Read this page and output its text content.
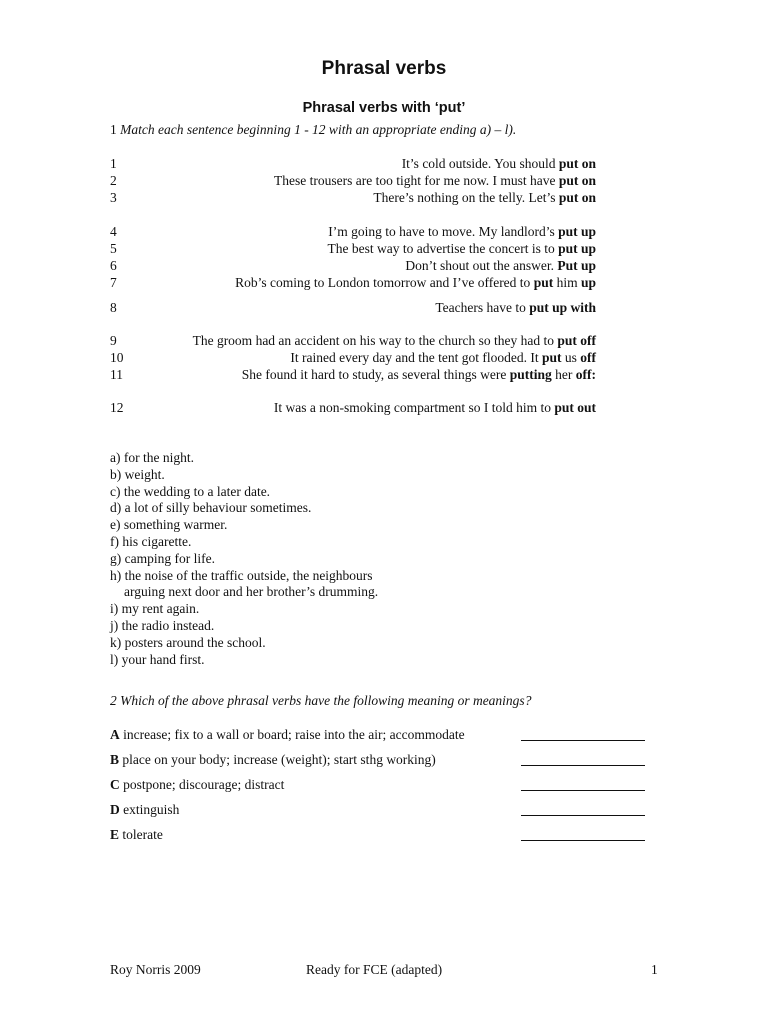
Phrasal verbs
Phrasal verbs with ‘put’
1 Match each sentence beginning 1 - 12 with an appropriate ending a) – l).
1	It’s cold outside. You should put on
2	These trousers are too tight for me now. I must have put on
3	There’s nothing on the telly. Let’s put on
4	I’m going to have to move. My landlord’s put up
5	The best way to advertise the concert is to put up
6	Don’t shout out the answer. Put up
7	Rob’s coming to London tomorrow and I’ve offered to put him up
8	Teachers have to put up with
9	The groom had an accident on his way to the church so they had to put off
10	It rained every day and the tent got flooded. It put us off
11	She found it hard to study, as several things were putting her off:
12	It was a non-smoking compartment so I told him to put out
a) for the night.
b) weight.
c) the wedding to a later date.
d) a lot of silly behaviour sometimes.
e) something warmer.
f) his cigarette.
g) camping for life.
h) the noise of the traffic outside, the neighbours
arguing next door and her brother’s drumming.
i) my rent again.
j) the radio instead.
k) posters around the school.
l) your hand first.
2 Which of the above phrasal verbs have the following meaning or meanings?
A increase; fix to a wall or board; raise into the air; accommodate
B place on your body; increase (weight); start sthg working)
C postpone; discourage; distract
D extinguish
E tolerate
Roy Norris 2009	Ready for FCE (adapted)	1
